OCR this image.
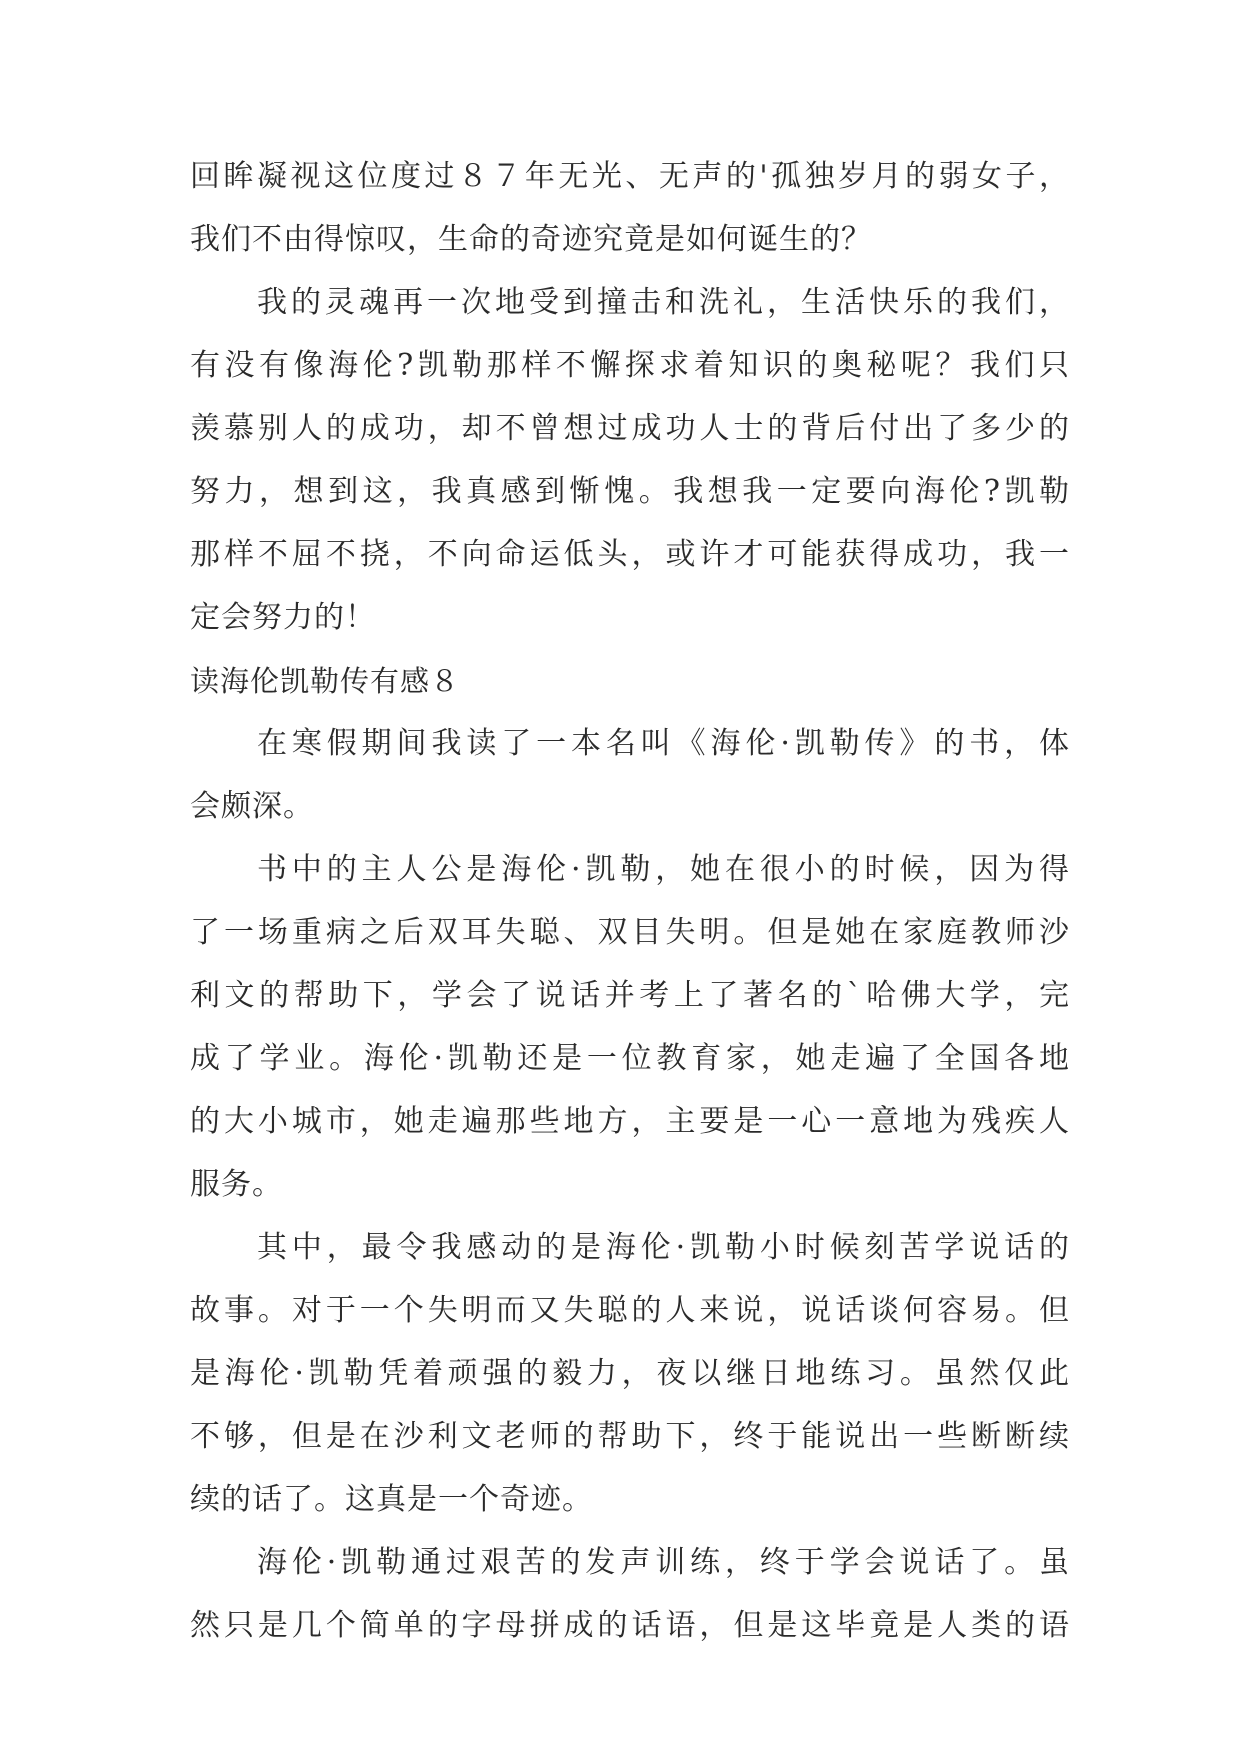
回眸凝视这位度过８７年无光、无声的'孤独岁月的弱女子，
我们不由得惊叹，生命的奇迹究竟是如何诞生的？
我的灵魂再一次地受到撞击和洗礼，生活快乐的我们，
有没有像海伦?凯勒那样不懈探求着知识的奥秘呢？我们只
羡慕别人的成功，却不曾想过成功人士的背后付出了多少的
努力，想到这，我真感到惭愧。我想我一定要向海伦?凯勒
那样不屈不挠，不向命运低头，或许才可能获得成功，我一
定会努力的！
读海伦凯勒传有感８
在寒假期间我读了一本名叫《海伦·凯勒传》的书，体
会颇深。
书中的主人公是海伦·凯勒，她在很小的时候，因为得
了一场重病之后双耳失聪、双目失明。但是她在家庭教师沙
利文的帮助下，学会了说话并考上了著名的`哈佛大学，完
成了学业。海伦·凯勒还是一位教育家，她走遍了全国各地
的大小城市，她走遍那些地方，主要是一心一意地为残疾人
服务。
其中，最令我感动的是海伦·凯勒小时候刻苦学说话的
故事。对于一个失明而又失聪的人来说，说话谈何容易。但
是海伦·凯勒凭着顽强的毅力，夜以继日地练习。虽然仅此
不够，但是在沙利文老师的帮助下，终于能说出一些断断续
续的话了。这真是一个奇迹。
海伦·凯勒通过艰苦的发声训练，终于学会说话了。虽
然只是几个简单的字母拼成的话语，但是这毕竟是人类的语
